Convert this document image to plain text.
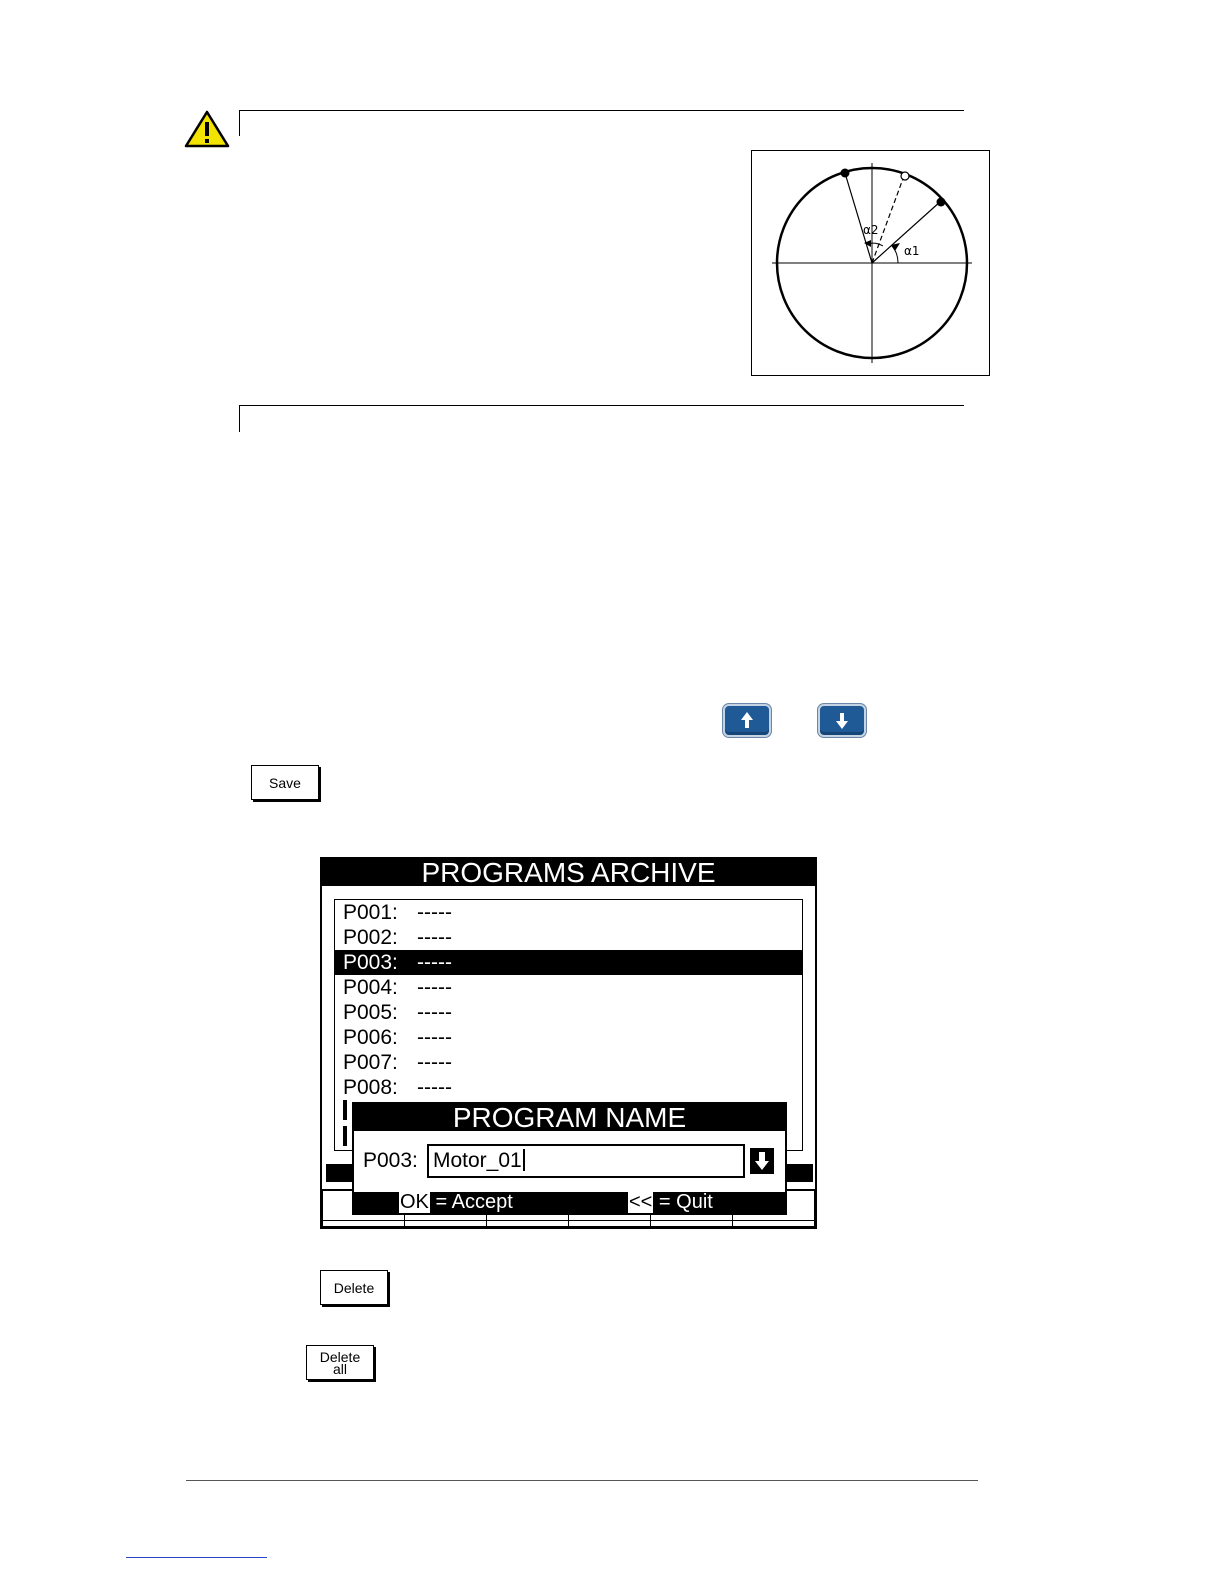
α2
α1
Save
PROGRAMS ARCHIVE
P001: -----
P002: -----
P003: -----
P004: -----
P005: -----
P006: -----
P007: -----
P008: -----
PROGRAM NAME
P003: Motor_01
OK = Accept	<< = Quit
Delete
Delete
all
